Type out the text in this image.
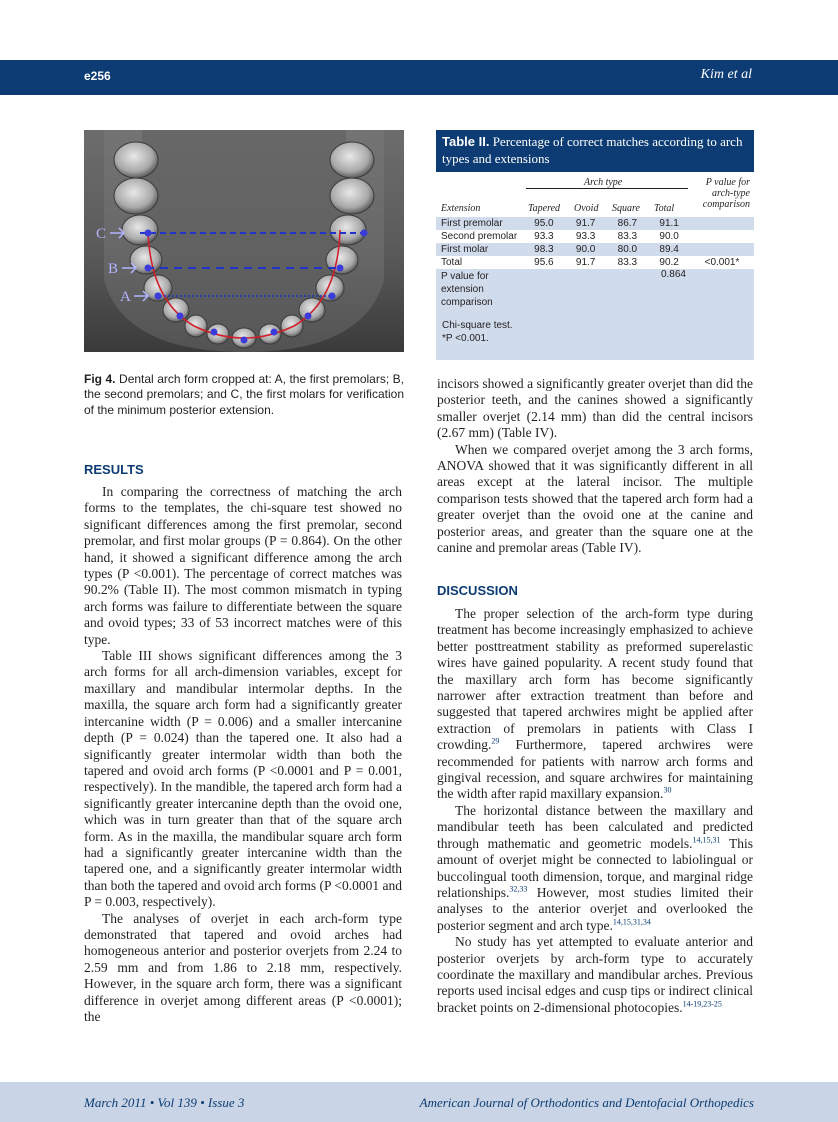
e256	Kim et al
C
B
A
Fig 4. Dental arch form cropped at: A, the first premolars; B, the second premolars; and C, the first molars for verification of the minimum posterior extension.
Table II. Percentage of correct matches according to arch types and extensions
Arch type	P value for arch-type comparison
Extension	Tapered Ovoid Square Total
First premolar	95.0	91.7	86.7	91.1	
Second premolar	93.3	93.3	83.3	90.0	
First molar	98.3	90.0	80.0	89.4	
Total	95.6	91.7	83.3	90.2	<0.001*
P value for extension comparison	0.864				
Chi-square test.
*P <0.001.
RESULTS

In comparing the correctness of matching the arch forms to the templates, the chi-square test showed no significant differences among the first premolar, second premolar, and first molar groups (P = 0.864). On the other hand, it showed a significant difference among the arch types (P <0.001). The percentage of correct matches was 90.2% (Table II). The most common mismatch in typing arch forms was failure to differentiate between the square and ovoid types; 33 of 53 incorrect matches were of this type.

Table III shows significant differences among the 3 arch forms for all arch-dimension variables, except for maxillary and mandibular intermolar depths. In the maxilla, the square arch form had a significantly greater intercanine width (P = 0.006) and a smaller intercanine depth (P = 0.024) than the tapered one. It also had a significantly greater intermolar width than both the tapered and ovoid arch forms (P <0.0001 and P = 0.001, respectively). In the mandible, the tapered arch form had a significantly greater intercanine depth than the ovoid one, which was in turn greater than that of the square arch form. As in the maxilla, the mandibular square arch form had a significantly greater intercanine width than the tapered one, and a significantly greater intermolar width than both the tapered and ovoid arch forms (P <0.0001 and P = 0.003, respectively).

The analyses of overjet in each arch-form type demonstrated that tapered and ovoid arches had homogeneous anterior and posterior overjets from 2.24 to 2.59 mm and from 1.86 to 2.18 mm, respectively. However, in the square arch form, there was a significant difference in overjet among different areas (P <0.0001); the

incisors showed a significantly greater overjet than did the posterior teeth, and the canines showed a significantly smaller overjet (2.14 mm) than did the central incisors (2.67 mm) (Table IV).

When we compared overjet among the 3 arch forms, ANOVA showed that it was significantly different in all areas except at the lateral incisor. The multiple comparison tests showed that the tapered arch form had a greater overjet than the ovoid one at the canine and posterior areas, and greater than the square one at the canine and premolar areas (Table IV).

DISCUSSION

The proper selection of the arch-form type during treatment has become increasingly emphasized to achieve better posttreatment stability as preformed superelastic wires have gained popularity. A recent study found that the maxillary arch form has become significantly narrower after extraction treatment than before and suggested that tapered archwires might be applied after extraction of premolars in patients with Class I crowding.$^{29}$ Furthermore, tapered archwires were recommended for patients with narrow arch forms and gingival recession, and square archwires for maintaining the width after rapid maxillary expansion.$^{30}$

The horizontal distance between the maxillary and mandibular teeth has been calculated and predicted through mathematic and geometric models.$^{14,15,31}$ This amount of overjet might be connected to labiolingual or buccolingual tooth dimension, torque, and marginal ridge relationships.$^{32,33}$ However, most studies limited their analyses to the anterior overjet and overlooked the posterior segment and arch type.$^{14,15,31,34}$

No study has yet attempted to evaluate anterior and posterior overjets by arch-form type to accurately coordinate the maxillary and mandibular arches. Previous reports used incisal edges and cusp tips or indirect clinical bracket points on 2-dimensional photocopies.$^{14-19,23-25}$

March 2011 • Vol 139 • Issue 3	American Journal of Orthodontics and Dentofacial Orthopedics
